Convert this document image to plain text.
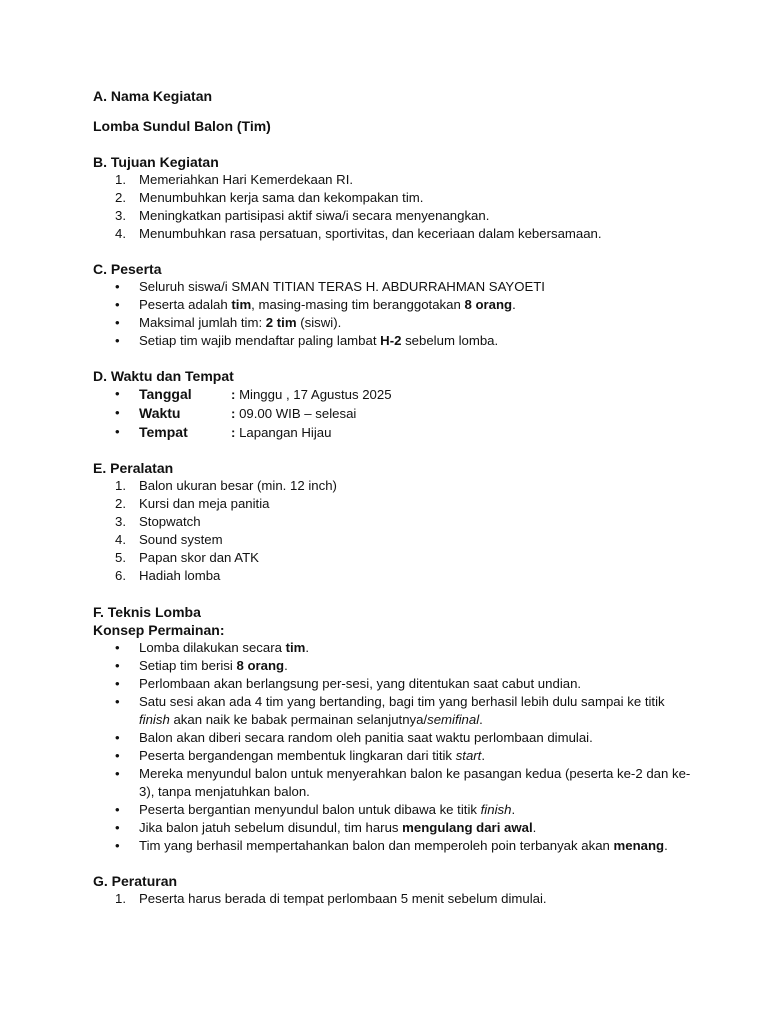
A. Nama Kegiatan
Lomba Sundul Balon (Tim)
B. Tujuan Kegiatan
1. Memeriahkan Hari Kemerdekaan RI.
2. Menumbuhkan kerja sama dan kekompakan tim.
3. Meningkatkan partisipasi aktif siwa/i secara menyenangkan.
4. Menumbuhkan rasa persatuan, sportivitas, dan keceriaan dalam kebersamaan.
C. Peserta
• Seluruh siswa/i SMAN TITIAN TERAS H. ABDURRAHMAN SAYOETI
• Peserta adalah tim, masing-masing tim beranggotakan 8 orang.
• Maksimal jumlah tim: 2 tim (siswi).
• Setiap tim wajib mendaftar paling lambat H-2 sebelum lomba.
D. Waktu dan Tempat
• Tanggal	: Minggu , 17 Agustus 2025
• Waktu	: 09.00 WIB – selesai
• Tempat	: Lapangan Hijau
E. Peralatan
1. Balon ukuran besar (min. 12 inch)
2. Kursi dan meja panitia
3. Stopwatch
4. Sound system
5. Papan skor dan ATK
6. Hadiah lomba
F. Teknis Lomba
Konsep Permainan:
• Lomba dilakukan secara tim.
• Setiap tim berisi 8 orang.
• Perlombaan akan berlangsung per-sesi, yang ditentukan saat cabut undian.
• Satu sesi akan ada 4 tim yang bertanding, bagi tim yang berhasil lebih dulu sampai ke titik finish akan naik ke babak permainan selanjutnya/semifinal.
• Balon akan diberi secara random oleh panitia saat waktu perlombaan dimulai.
• Peserta bergandengan membentuk lingkaran dari titik start.
• Mereka menyundul balon untuk menyerahkan balon ke pasangan kedua (peserta ke-2 dan ke-3), tanpa menjatuhkan balon.
• Peserta bergantian menyundul balon untuk dibawa ke titik finish.
• Jika balon jatuh sebelum disundul, tim harus mengulang dari awal.
• Tim yang berhasil mempertahankan balon dan memperoleh poin terbanyak akan menang.
G. Peraturan
1. Peserta harus berada di tempat perlombaan 5 menit sebelum dimulai.
